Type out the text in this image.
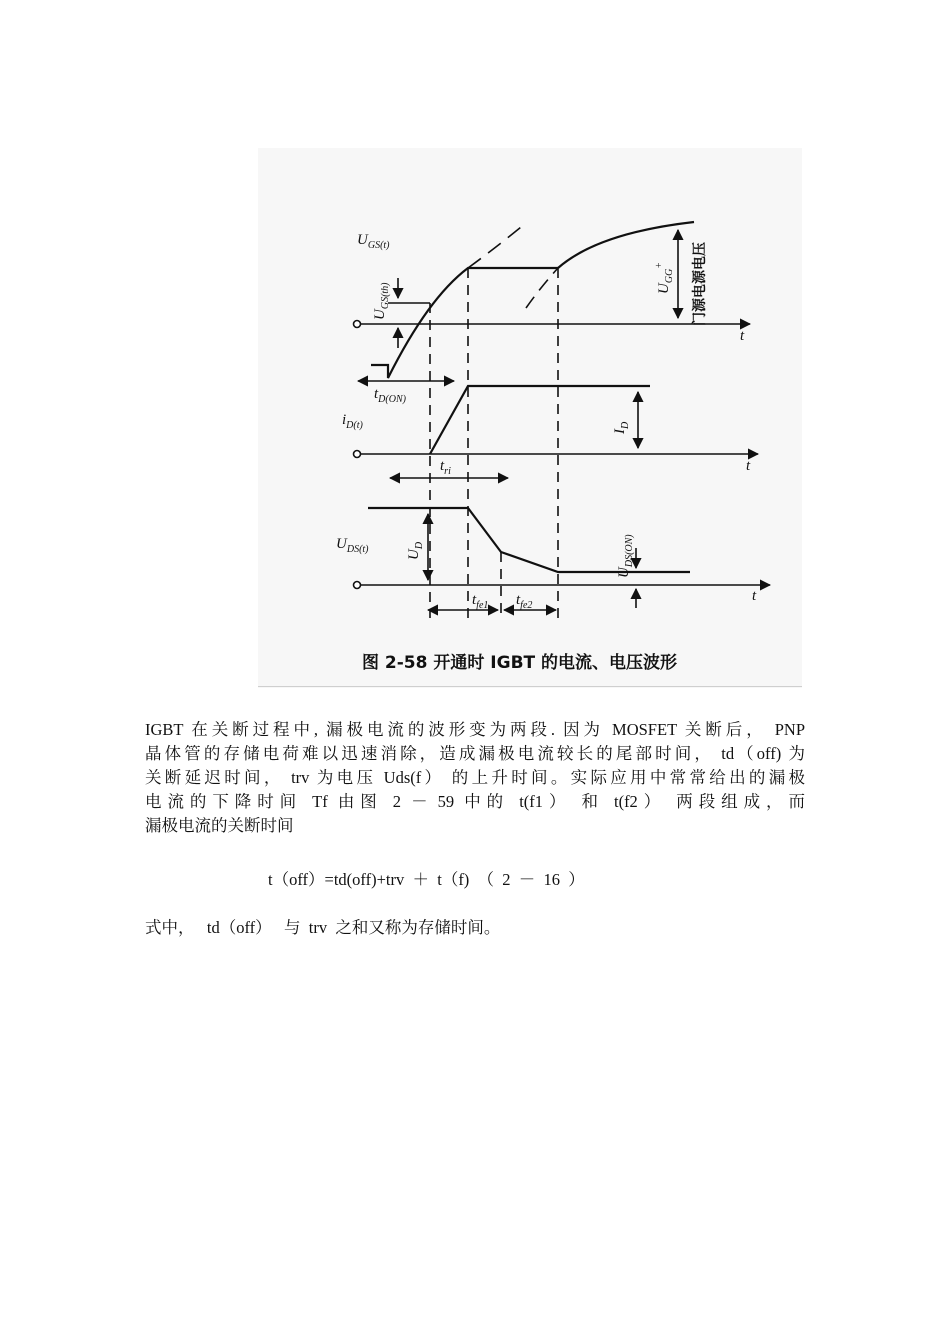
$U_{GS(t)}$
$U_{GS(th)}$	$U_{GG}^+$	门源电源电压
t
$t_{D(ON)}$
$i_{D(t)}$
$I_D$
t
$t_{ri}$
$U_{DS(t)}$ $U_D$
$U_{DS(ON)}$
t
$t_{fe1}$ $t_{fe2}$
图 2-58 开通时 IGBT 的电流、电压波形
IGBT 在关断过程中, 漏极电流的波形变为两段. 因为 MOSFET 关断后， PNP
晶体管的存储电荷难以迅速消除，造成漏极电流较长的尾部时间， td（off) 为
关断延迟时间， trv 为电压 Uds(f） 的上升时间。实际应用中常常给出的漏极
电流的下降时间 Tf 由图 2 － 59 中的 t(f1） 和 t(f2） 两段组成，而
漏极电流的关断时间
t（off）=td(off)+trv  ＋  t（f)  （  2  －  16  ）
式中，   td（off）   与  trv  之和又称为存储时间。
